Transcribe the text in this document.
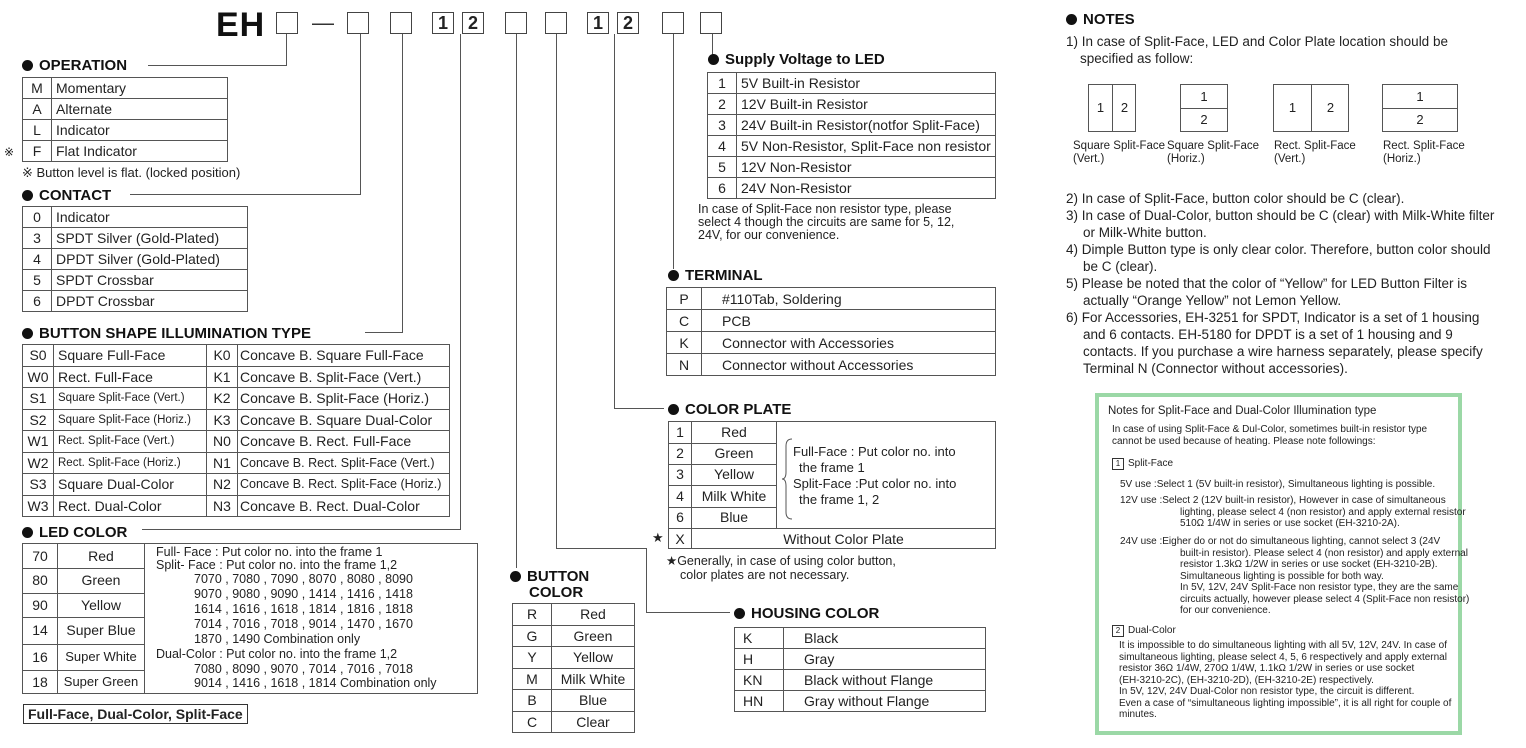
EH —	1	2	1	2
OPERATION
※
M	Momentary
A	Alternate
L	Indicator
F	Flat Indicator
※ Button level is flat. (locked position)
CONTACT
0	Indicator
3	SPDT Silver (Gold-Plated)
4	DPDT Silver (Gold-Plated)
5	SPDT Crossbar
6	DPDT Crossbar
BUTTON SHAPE ILLUMINATION TYPE
S0	Square Full-Face	K0	Concave B. Square Full-Face
W0	Rect. Full-Face	K1	Concave B. Split-Face (Vert.)
S1	Square Split-Face (Vert.)	K2	Concave B. Split-Face (Horiz.)
S2	Square Split-Face (Horiz.)	K3	Concave B. Square Dual-Color
W1	Rect. Split-Face (Vert.)	N0	Concave B. Rect. Full-Face
W2	Rect. Split-Face (Horiz.)	N1	Concave B. Rect. Split-Face (Vert.)
S3	Square Dual-Color	N2	Concave B. Rect. Split-Face (Horiz.)
W3	Rect. Dual-Color	N3	Concave B. Rect. Dual-Color
LED COLOR
70	Red
80	Green
90	Yellow
14	Super Blue
16	Super White
18	Super Green
Full- Face : Put color no. into the frame 1
Split- Face : Put color no. into the frame 1,2
7070 , 7080 , 7090 , 8070 , 8080 , 8090
9070 , 9080 , 9090 , 1414 , 1416 , 1418
1614 , 1616 , 1618 , 1814 , 1816 , 1818
7014 , 7016 , 7018 , 9014 , 1470 , 1670
1870 , 1490 Combination only
Dual-Color : Put color no. into the frame 1,2
7080 , 8090 , 9070 , 7014 , 7016 , 7018
9014 , 1416 , 1618 , 1814 Combination only
Full-Face, Dual-Color, Split-Face
BUTTON
COLOR
R	Red
G	Green
Y	Yellow
M	Milk White
B	Blue
C	Clear
Supply Voltage to LED
1	5V Built-in Resistor
2	12V Built-in Resistor
3	24V Built-in Resistor(notfor Split-Face)
4	5V Non-Resistor, Split-Face non resistor
5	12V Non-Resistor
6	24V Non-Resistor
In case of Split-Face non resistor type, please
select 4 though the circuits are same for 5, 12,
24V, for our convenience.
TERMINAL
P	#110Tab, Soldering
C	PCB
K	Connector with Accessories
N	Connector without Accessories
COLOR PLATE
1	Red
2	Green
3	Yellow
4	Milk White
6	Blue
X	Without Color Plate
Full-Face : Put color no. into
the frame 1
Split-Face :Put color no. into
the frame 1, 2
★
★Generally, in case of using color button,
color plates are not necessary.
HOUSING COLOR
K	Black
H	Gray
KN	Black without Flange
HN	Gray without Flange
NOTES
1) In case of Split-Face, LED and Color Plate location should be
specified as follow:
1	2
Square Split-Face
(Vert.)
1
2
Square Split-Face
(Horiz.)
1	2
Rect. Split-Face
(Vert.)
1
2
Rect. Split-Face
(Horiz.)
2) In case of Split-Face, button color should be C (clear).
3) In case of Dual-Color, button should be C (clear) with Milk-White filter
or Milk-White button.
4) Dimple Button type is only clear color. Therefore, button color should
be C (clear).
5) Please be noted that the color of “Yellow” for LED Button Filter is
actually “Orange Yellow” not Lemon Yellow.
6) For Accessories, EH-3251 for SPDT, Indicator is a set of 1 housing
and 6 contacts. EH-5180 for DPDT is a set of 1 housing and 9
contacts. If you purchase a wire harness separately, please specify
Terminal N (Connector without accessories).
Notes for Split-Face and Dual-Color Illumination type
In case of using Split-Face & Dul-Color, sometimes built-in resistor type
cannot be used because of heating. Please note followings:
1 Split-Face
5V use :Select 1 (5V built-in resistor), Simultaneous lighting is possible.
12V use :Select 2 (12V built-in resistor), However in case of simultaneous
lighting, please select 4 (non resistor) and apply external resistor
510Ω 1/4W in series or use socket (EH-3210-2A).
24V use :Eigher do or not do simultaneous lighting, cannot select 3 (24V
built-in resistor). Please select 4 (non resistor) and apply external
resistor 1.3kΩ 1/2W in series or use socket (EH-3210-2B).
Simultaneous lighting is possible for both way.
In 5V, 12V, 24V Split-Face non resistor type, they are the same
circuits actually, however please select 4 (Split-Face non resistor)
for our convenience.
2 Dual-Color
It is impossible to do simultaneous lighting with all 5V, 12V, 24V. In case of
simultaneous lighting, please select 4, 5, 6 respectively and apply external
resistor 36Ω 1/4W, 270Ω 1/4W, 1.1kΩ 1/2W in series or use socket
(EH-3210-2C), (EH-3210-2D), (EH-3210-2E) respectively.
In 5V, 12V, 24V Dual-Color non resistor type, the circuit is different.
Even a case of “simultaneous lighting impossible”, it is all right for couple of
minutes.
